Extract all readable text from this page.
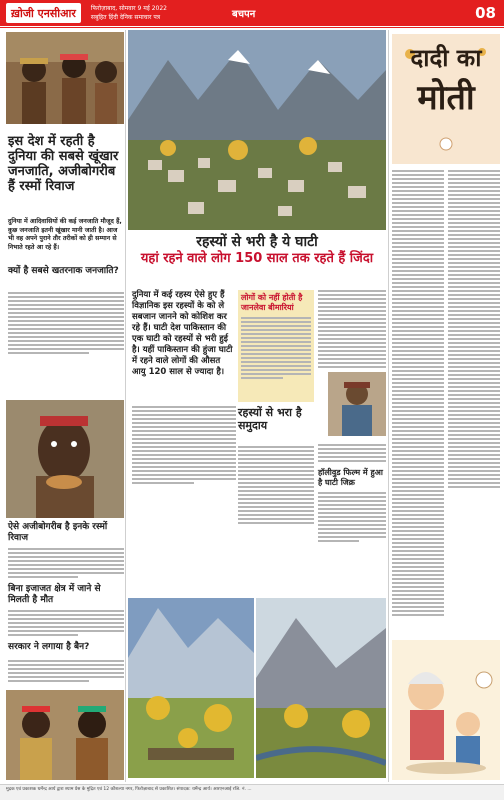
ख़ोजी एनसीआर	फिरोज़ाबाद, सोमवार 9 मई 2022
सबुहित हिंदी देनिक समाचार पत्र	बचपन	08
इस देश में रहती है दुनिया की सबसे खूंखार जनजाति, अजीबोगरीब हैं रस्मों रिवाज
दुनिया में आदिवासियों की कई जनजाति मौजूद हैं, कुछ जनजाति इतनी खूंखार मानी जाती है। आज भी वह अपने पुराने तौर तरीकों को ही सम्मान से निभाते रहते आ रहे हैं।
क्यों है सबसे खतरनाक जनजाति?
ऐसे अजीबोगरीब है इनके रस्मों रिवाज
बिना इजाजत क्षेत्र में जाने से मिलती है मौत
सरकार ने लगाया है बैन?
रहस्यों से भरी है ये घाटी
यहां रहने वाले लोग 150 साल तक रहते हैं जिंदा
दुनिया में कई रहस्य ऐसे हुए हैं विज्ञानिक इस रहस्यों के को ले सबजान जानने को कोशिश कर रहे हैं। घाटी देश पाकिस्तान की एक घाटी को रहस्यों से भरी हुई है। यहीं पाकिस्तान की हुंजा घाटी में रहने वाले लोगों की औसत आयु 120 साल से ज्यादा है।
लोगों को नहीं होती है जानलेवा बीमारियां
रहस्यों से भरा है समुदाय
हॉलीवुड फिल्म में हुआ है घाटी जिक्र
दादी का
मोती
मुद्रक एवं प्रकाशक धर्मेन्द्र आर्य द्वारा श्याम प्रेस के मुद्रित एवं 12 कौशल्या नगर, फिरोज़ाबाद से प्रकाशित। संपादक: धर्मेन्द्र आर्य। आरएनआई रजि. नं. ...
